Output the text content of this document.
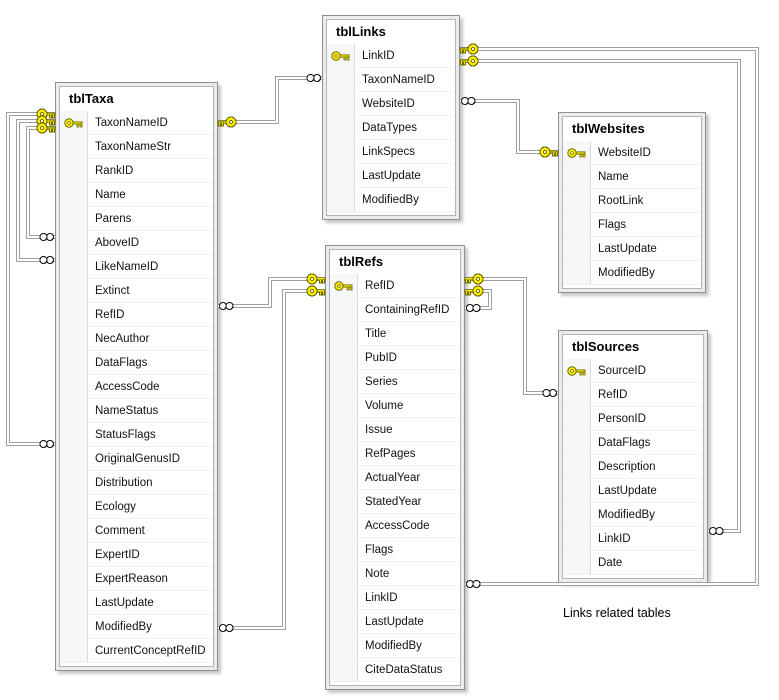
tblTaxa
TaxonNameID
TaxonNameStr
RankID
Name
Parens
AboveID
LikeNameID
Extinct
RefID
NecAuthor
DataFlags
AccessCode
NameStatus
StatusFlags
OriginalGenusID
Distribution
Ecology
Comment
ExpertID
ExpertReason
LastUpdate
ModifiedBy
CurrentConceptRefID
tblLinks
LinkID
TaxonNameID
WebsiteID
DataTypes
LinkSpecs
LastUpdate
ModifiedBy
tblWebsites
WebsiteID
Name
RootLink
Flags
LastUpdate
ModifiedBy
tblRefs
RefID
ContainingRefID
Title
PubID
Series
Volume
Issue
RefPages
ActualYear
StatedYear
AccessCode
Flags
Note
LinkID
LastUpdate
ModifiedBy
CiteDataStatus
tblSources
SourceID
RefID
PersonID
DataFlags
Description
LastUpdate
ModifiedBy
LinkID
Date
Links related tables
